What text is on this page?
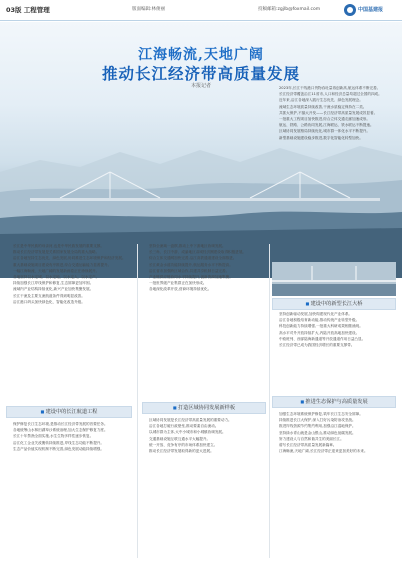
03版 工程管理	版面编辑:林俊丽	投稿邮箱:zgjlb@foxmail.com	中国基建报
江海畅流,天地广阔
推动长江经济带高质量发展
本报记者	2023年,长江干线港口货物吞吐量再创新高,航运体系不断完善。

长江经济带覆盖沿江11省市,人口和经济总量均超过全国的四成。

近年来,沿江各地深入践行生态优先、绿色发展理念。

流域生态环境质量持续改善,干流水质稳定保持在二类。

共抓大保护,不搞大开发——长江经济带高质量发展成效显著。

一批重大工程项目加快推进,综合立体交通走廊加速成形。

航运、铁路、公路协同发展,江海联运、铁水联运不断提速。

区域协同发展格局持续优化,城市群一体化水平不断提升。

新型基础设施建设稳步推进,数字化智能化转型加快。

■ 建设中的新型长江大桥

长江是中华民族的母亲河,也是中华民族发展的重要支撑。

推动长江经济带发展是关系国家发展全局的重大战略。

沿江各地坚持生态优先、绿色发展,协同推进生态环境保护和经济发展。

重大基础设施项目建设有序推进,综合交通运输能力显著提升。

一幅江海畅流、天地广阔的发展新画卷正在徐徐展开。

各地坚持以水定城、以水定地、以水定人、以水定产。

持续加强长江岸线保护和修复,生态屏障更加牢固。

流域内产业结构持续优化,新兴产业加快集聚发展。

长江干流及主要支流航道条件得到明显改善。

沿江港口码头加快绿色化、智能化改造升级。

■ 建设中的长江航道工程

保护修复长江生态环境,是推动长江经济带发展的首要任务。

各地统筹山水林田湖草沙系统治理,加大生态保护修复力度。

长江十年禁渔全面实施,水生生物多样性逐步恢复。

沿江化工企业关改搬转持续推进,岸线生态功能不断提升。

生态产品价值实现机制不断完善,绿色发展动能持续增强。

坚持全流域一盘棋,推动上中下游地区协调发展。

长三角、长江中游、成渝地区双城经济圈建设取得积极进展。

综合立体交通网加快完善,沿江高铁通道建设全面推进。

长江黄金水道功能持续提升,航运服务水平不断提高。

沿江省市加强跨区域合作,共建共享机制日益完善。

产业链供应链协同水平持续提升,创新资源加速集聚。

一批世界级产业集群正在加快形成。

各地深化改革开放,营商环境持续优化。

■ 打造区域协同发展新样板

区域协同发展是长江经济带高质量发展的重要动力。

沿江各地打破行政壁垒,推动要素自由流动。

以城市群为主体,大中小城市和小城镇协调发展。

交通基础设施互联互通水平大幅提升。

统一开放、竞争有序的市场体系加快建立。

推动长江经济带发展取得新的更大进展。

坚持创新驱动发展,加快构建现代化产业体系。

沿江各地积极培育新动能,推动传统产业转型升级。

科技创新能力持续增强,一批重大科研成果相继涌现。

高水平对外开放持续扩大,内陆开放高地加快建设。

中欧班列、西部陆海新通道等开放通道作用日益凸显。

长江经济带已成为我国经济增长的重要支撑带。

■ 推进生态保护与高质量发展

加强生态环境系统保护修复,筑牢长江生态安全屏障。

持续推进长江大保护,深入打好污染防治攻坚战。

推进岸线资源节约集约利用,加强沿江湿地保护。

坚持绿水青山就是金山银山,推动绿色低碳发展。

努力建设人与自然和谐共生的美丽长江。

谱写长江经济带高质量发展新篇章。

江海畅流,天地广阔,长江经济带正迎来更加美好的未来。
